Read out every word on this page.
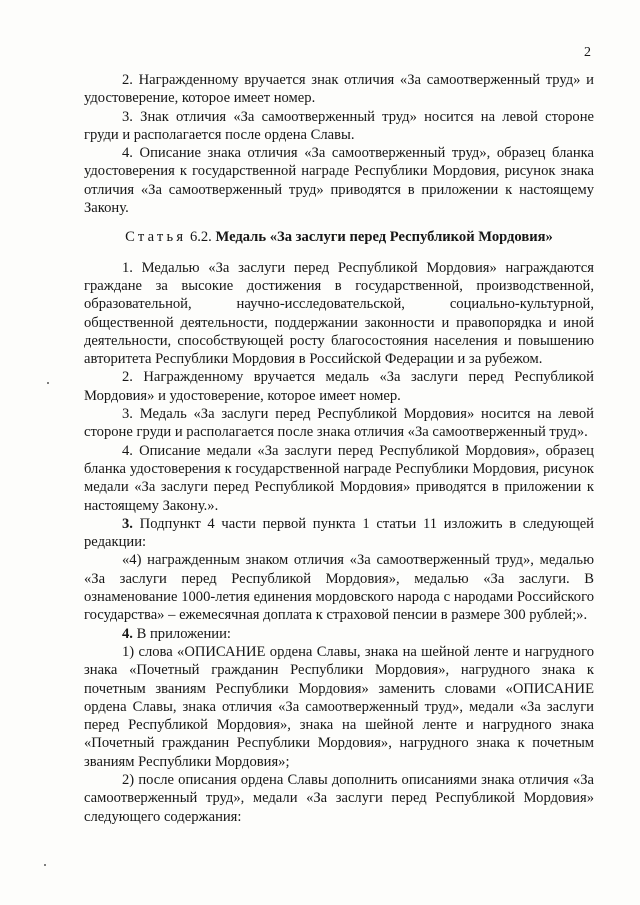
2

2. Награжденному вручается знак отличия «За самоотверженный труд» и удостоверение, которое имеет номер.

3. Знак отличия «За самоотверженный труд» носится на левой стороне груди и располагается после ордена Славы.

4. Описание знака отличия «За самоотверженный труд», образец бланка удостоверения к государственной награде Республики Мордовия, рисунок знака отличия «За самоотверженный труд» приводятся в приложении к настоящему Закону.

Статья 6.2. Медаль «За заслуги перед Республикой Мордовия»

1. Медалью «За заслуги перед Республикой Мордовия» награждаются граждане за высокие достижения в государственной, производственной, образовательной, научно-исследовательской, социально-культурной, общественной деятельности, поддержании законности и правопорядка и иной деятельности, способствующей росту благосостояния населения и повышению авторитета Республики Мордовия в Российской Федерации и за рубежом.

2. Награжденному вручается медаль «За заслуги перед Республикой Мордовия» и удостоверение, которое имеет номер.

3. Медаль «За заслуги перед Республикой Мордовия» носится на левой стороне груди и располагается после знака отличия «За самоотверженный труд».

4. Описание медали «За заслуги перед Республикой Мордовия», образец бланка удостоверения к государственной награде Республики Мордовия, рисунок медали «За заслуги перед Республикой Мордовия» приводятся в приложении к настоящему Закону.».

3. Подпункт 4 части первой пункта 1 статьи 11 изложить в следующей редакции:

«4) награжденным знаком отличия «За самоотверженный труд», медалью «За заслуги перед Республикой Мордовия», медалью «За заслуги. В ознаменование 1000-летия единения мордовского народа с народами Российского государства» – ежемесячная доплата к страховой пенсии в размере 300 рублей;».

4. В приложении:

1) слова «ОПИСАНИЕ ордена Славы, знака на шейной ленте и нагрудного знака «Почетный гражданин Республики Мордовия», нагрудного знака к почетным званиям Республики Мордовия» заменить словами «ОПИСАНИЕ ордена Славы, знака отличия «За самоотверженный труд», медали «За заслуги перед Республикой Мордовия», знака на шейной ленте и нагрудного знака «Почетный гражданин Республики Мордовия», нагрудного знака к почетным званиям Республики Мордовия»;

2) после описания ордена Славы дополнить описаниями знака отличия «За самоотверженный труд», медали «За заслуги перед Республикой Мордовия» следующего содержания:
